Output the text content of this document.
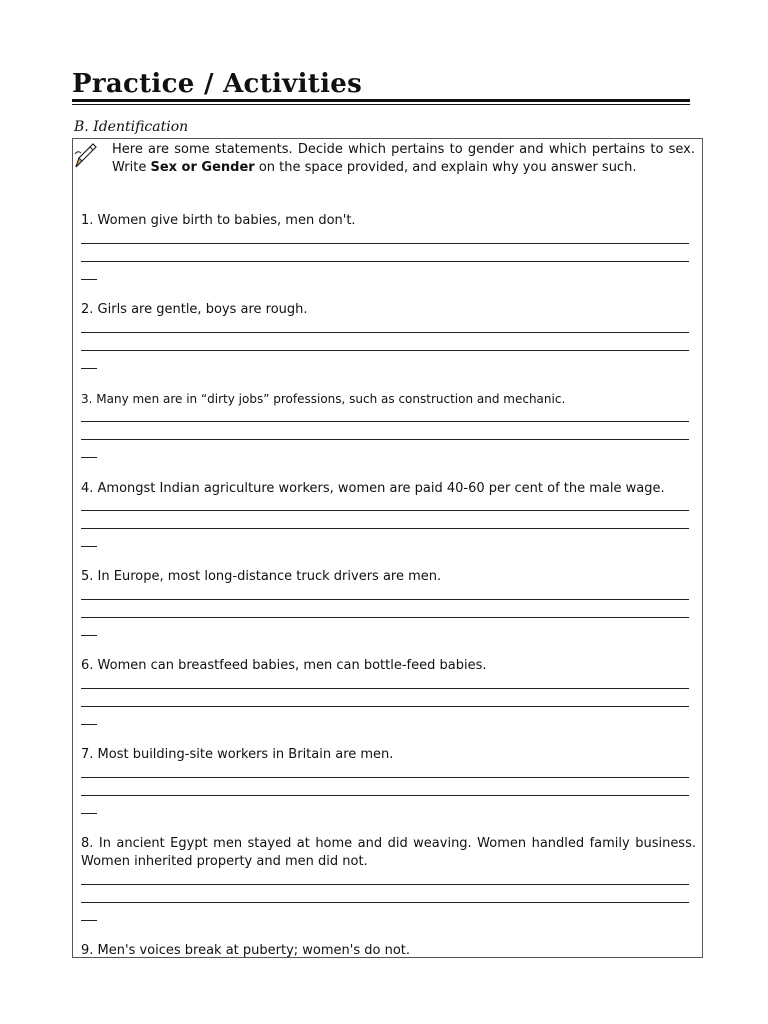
Practice / Activities
B. Identification

Here are some statements. Decide which pertains to gender and which pertains to sex. Write Sex or Gender on the space provided, and explain why you answer such.

1. Women give birth to babies, men don't.

2. Girls are gentle, boys are rough.

3. Many men are in “dirty jobs” professions, such as construction and mechanic.

4. Amongst Indian agriculture workers, women are paid 40-60 per cent of the male wage.

5. In Europe, most long-distance truck drivers are men.

6. Women can breastfeed babies, men can bottle-feed babies.

7. Most building-site workers in Britain are men.

8. In ancient Egypt men stayed at home and did weaving. Women handled family business. Women inherited property and men did not.

9. Men's voices break at puberty; women's do not.
